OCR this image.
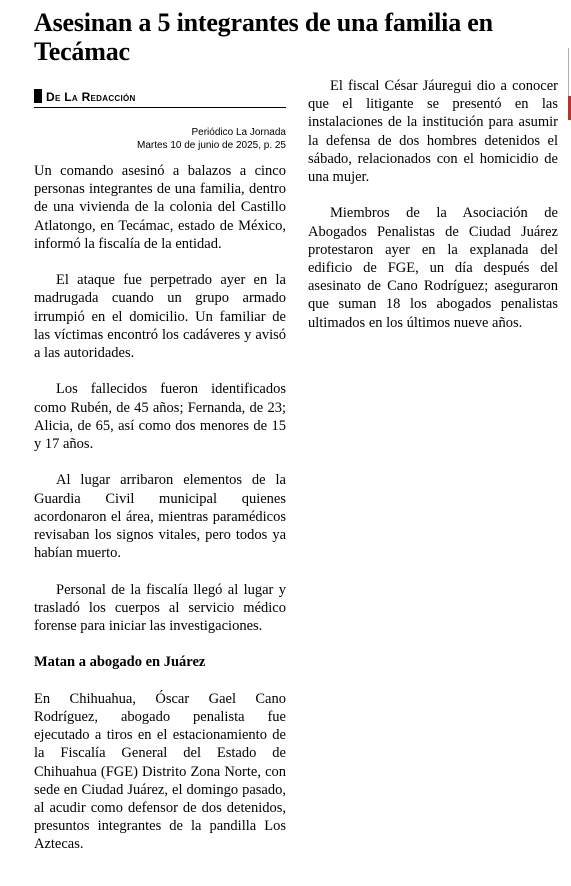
Asesinan a 5 integrantes de una familia en Tecámac
De La Redacción
Periódico La Jornada
Martes 10 de junio de 2025, p. 25

Un comando asesinó a balazos a cinco personas integrantes de una familia, dentro de una vivienda de la colonia del Castillo Atlatongo, en Tecámac, estado de México, informó la fiscalía de la entidad.

El ataque fue perpetrado ayer en la madrugada cuando un grupo armado irrumpió en el domicilio. Un familiar de las víctimas encontró los cadáveres y avisó a las autoridades.

Los fallecidos fueron identificados como Rubén, de 45 años; Fernanda, de 23; Alicia, de 65, así como dos menores de 15 y 17 años.

Al lugar arribaron elementos de la Guardia Civil municipal quienes acordonaron el área, mientras paramédicos revisaban los signos vitales, pero todos ya habían muerto.

Personal de la fiscalía llegó al lugar y trasladó los cuerpos al servicio médico forense para iniciar las investigaciones.

Matan a abogado en Juárez

En Chihuahua, Óscar Gael Cano Rodríguez, abogado penalista fue ejecutado a tiros en el estacionamiento de la Fiscalía General del Estado de Chihuahua (FGE) Distrito Zona Norte, con sede en Ciudad Juárez, el domingo pasado, al acudir como defensor de dos detenidos, presuntos integrantes de la pandilla Los Aztecas.

El fiscal César Jáuregui dio a conocer que el litigante se presentó en las instalaciones de la institución para asumir la defensa de dos hombres detenidos el sábado, relacionados con el homicidio de una mujer.

Miembros de la Asociación de Abogados Penalistas de Ciudad Juárez protestaron ayer en la explanada del edificio de FGE, un día después del asesinato de Cano Rodríguez; aseguraron que suman 18 los abogados penalistas ultimados en los últimos nueve años.
